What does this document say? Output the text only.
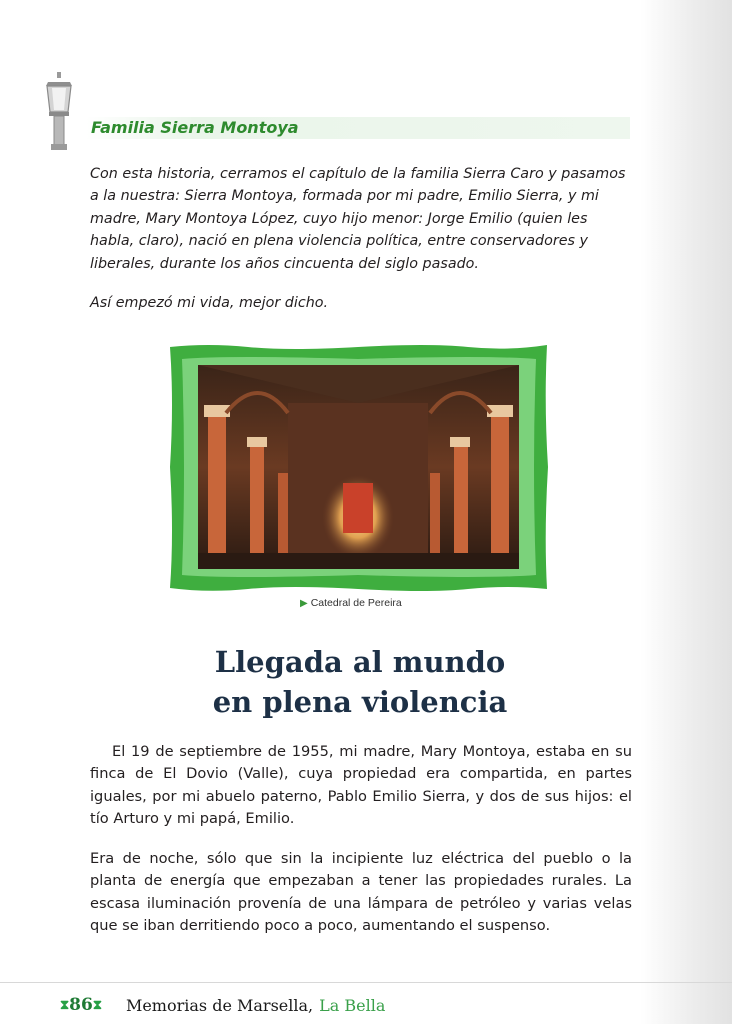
Familia Sierra Montoya

Con esta historia, cerramos el capítulo de la familia Sierra Caro y pasamos a la nuestra: Sierra Montoya, formada por mi padre, Emilio Sierra, y mi madre, Mary Montoya López, cuyo hijo menor: Jorge Emilio (quien les habla, claro), nació en plena violencia política, entre conservadores y liberales, durante los años cincuenta del siglo pasado.

Así empezó mi vida, mejor dicho.

▶ Catedral de Pereira
Llegada al mundo
en plena violencia

El 19 de septiembre de 1955, mi madre, Mary Montoya, estaba en su finca de El Dovio (Valle), cuya propiedad era compartida, en partes iguales, por mi abuelo paterno, Pablo Emilio Sierra, y dos de sus hijos: el tío Arturo y mi papá, Emilio.

Era de noche, sólo que sin la incipiente luz eléctrica del pueblo o la planta de energía que empezaban a tener las propiedades rurales. La escasa iluminación provenía de una lámpara de petróleo y varias velas que se iban derritiendo poco a poco, aumentando el suspenso.

⧗ 86 ⧗ Memorias de Marsella, La Bella
